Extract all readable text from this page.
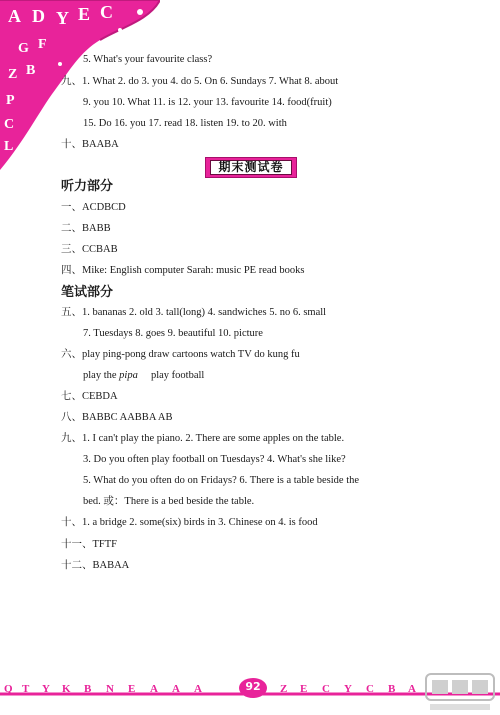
A D Y E C
G F
Z B
P
C
L
5. What's your favourite class?
九、1. What 2. do 3. you 4. do 5. On 6. Sundays 7. What 8. about
9. you 10. What 11. is 12. your 13. favourite 14. food(fruit)
15. Do 16. you 17. read 18. listen 19. to 20. with
十、BAABA
期末测试卷
听力部分
一、ACDBCD
二、BABB
三、CCBAB
四、Mike: English computer Sarah: music PE read books
笔试部分
五、1. bananas 2. old 3. tall(long) 4. sandwiches 5. no 6. small
7. Tuesdays 8. goes 9. beautiful 10. picture
六、play ping-pong draw cartoons watch TV do kung fu
play the pipa play football
七、CEBDA
八、BABBC AABBA AB
九、1. I can't play the piano. 2. There are some apples on the table.
3. Do you often play football on Tuesdays? 4. What's she like?
5. What do you often do on Fridays? 6. There is a table beside the
bed. 或：There is a bed beside the table.
十、1. a bridge 2. some(six) birds in 3. Chinese on 4. is food
十一、TFTF
十二、BABAA
Q T Y K B N E A A A	Z E C Y C B A
92
